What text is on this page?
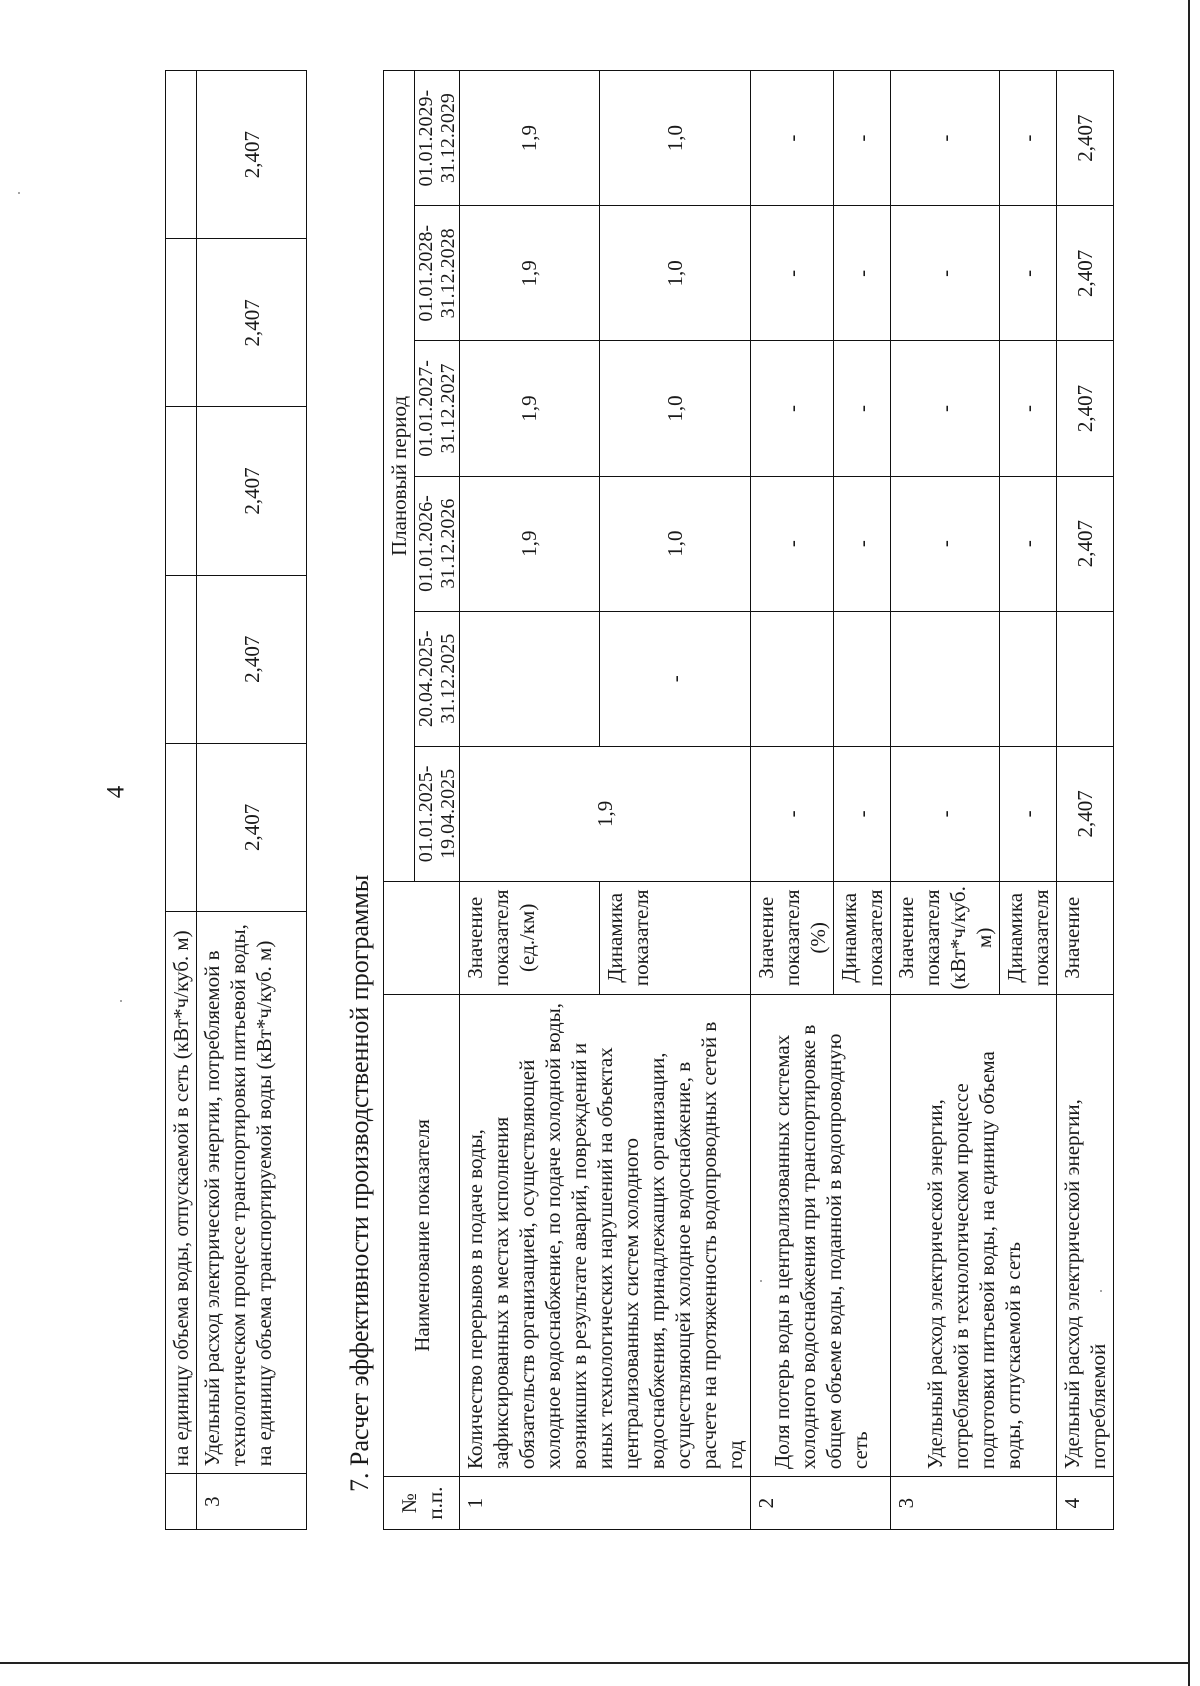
4
	на единицу объема воды, отпускаемой в сеть (кВт*ч/куб. м)					
3	Удельный расход электрической энергии, потребляемой в технологическом процессе транспортировки питьевой воды, на единицу объема транспортируемой воды (кВт*ч/куб. м)	2,407	2,407	2,407	2,407	2,407
7. Расчет эффективности производственной программы
№ п.п.	Наименование показателя		Плановый период					
			01.01.2025-19.04.2025	20.04.2025-31.12.2025	01.01.2026-31.12.2026	01.01.2027-31.12.2027	01.01.2028-31.12.2028	01.01.2029-31.12.2029
1	Количество перерывов в подаче воды, зафиксированных в местах исполнения обязательств организацией, осуществляющей холодное водоснабжение, по подаче холодной воды, возникших в результате аварий, повреждений и иных технологических нарушений на объектах централизованных систем холодного водоснабжения, принадлежащих организации, осуществляющей холодное водоснабжение, в расчете на протяженность водопроводных сетей в год	Значение показателя (ед./км)	1,9		1,9	1,9	1,9	1,9
		Динамика показателя		-	1,0	1,0	1,0	1,0
2	Доля потерь воды в централизованных системах холодного водоснабжения при транспортировке в общем объеме воды, поданной в водопроводную сеть	Значение показателя (%)	-		-	-	-	-
		Динамика показателя	-		-	-	-	-
3	Удельный расход электрической энергии, потребляемой в технологическом процессе подготовки питьевой воды, на единицу объема воды, отпускаемой в сеть	Значение показателя (кВт*ч/куб. м)	-		-	-	-	-
		Динамика показателя	-		-	-	-	-
4	Удельный расход электрической энергии, потребляемой	Значение	2,407		2,407	2,407	2,407	2,407
